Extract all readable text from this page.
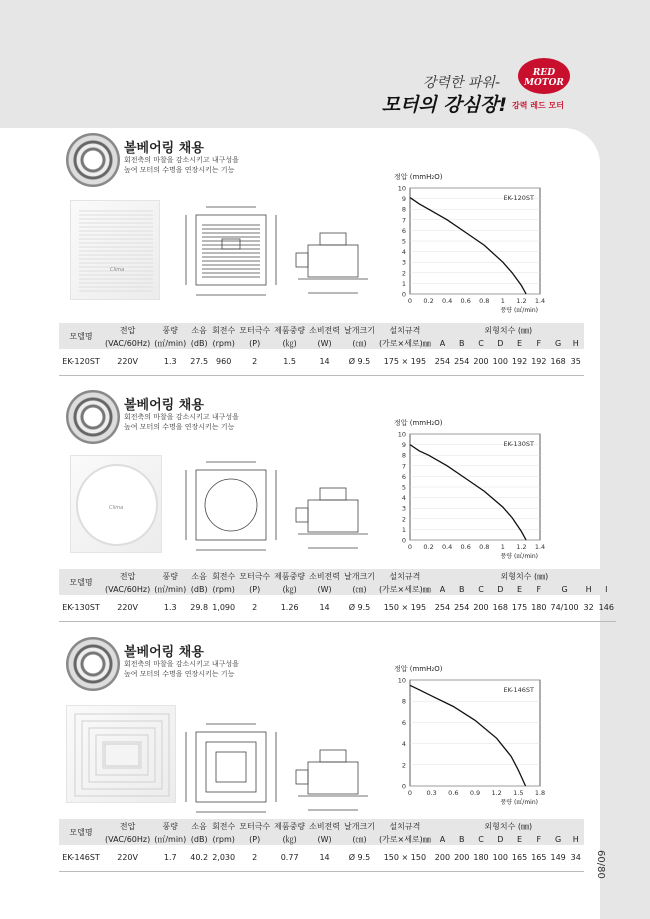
강력한 파워-
모터의 강심장!
RED MOTOR
강력 레드 모터
60/80
볼베어링 채용
회전축의 마찰을 감소시키고 내구성을
높여 모터의 수명을 연장시키는 기능
볼베어링 채용
회전축의 마찰을 감소시키고 내구성을
높여 모터의 수명을 연장시키는 기능
볼베어링 채용
회전축의 마찰을 감소시키고 내구성을
높여 모터의 수명을 연장시키는 기능
Clima
정압 (mmH₂O)
0
1
2
3
4
5
6
7
8
9
10
0 0.2 0.4 0.6 0.8 1 1.2 1.4
EK-120ST
풍량 (㎥/min)
모델명	전압	풍량	소음	회전수	모터극수	제품중량	소비전력	날개크기	설치규격	외형치수 (㎜)							
	(VAC/60Hz)	(㎥/min)	(dB)	(rpm)	(P)	(㎏)	(W)	(㎝)	(가로×세로)㎜	A	B	C	D	E	F	G	H
EK-120ST	220V	1.3	27.5	960	2	1.5	14	Ø 9.5	175 × 195	254	254	200	100	192	192	168	35
Clima
정압 (mmH₂O)
0
1
2
3
4
5
6
7
8
9
10
0 0.2 0.4 0.6 0.8 1 1.2 1.4
EK-130ST
풍량 (㎥/min)
모델명	전압	풍량	소음	회전수	모터극수	제품중량	소비전력	날개크기	설치규격	외형치수 (㎜)								
	(VAC/60Hz)	(㎥/min)	(dB)	(rpm)	(P)	(㎏)	(W)	(㎝)	(가로×세로)㎜	A	B	C	D	E	F	G	H	I
EK-130ST	220V	1.3	29.8	1,090	2	1.26	14	Ø 9.5	150 × 195	254	254	200	168	175	180	74/100	32	146
정압 (mmH₂O)
0
2
4
6
8
10
0 0.3 0.6 0.9 1.2 1.5 1.8
EK-146ST
풍량 (㎥/min)
모델명	전압	풍량	소음	회전수	모터극수	제품중량	소비전력	날개크기	설치규격	외형치수 (㎜)							
	(VAC/60Hz)	(㎥/min)	(dB)	(rpm)	(P)	(㎏)	(W)	(㎝)	(가로×세로)㎜	A	B	C	D	E	F	G	H
EK-146ST	220V	1.7	40.2	2,030	2	0.77	14	Ø 9.5	150 × 150	200	200	180	100	165	165	149	34
